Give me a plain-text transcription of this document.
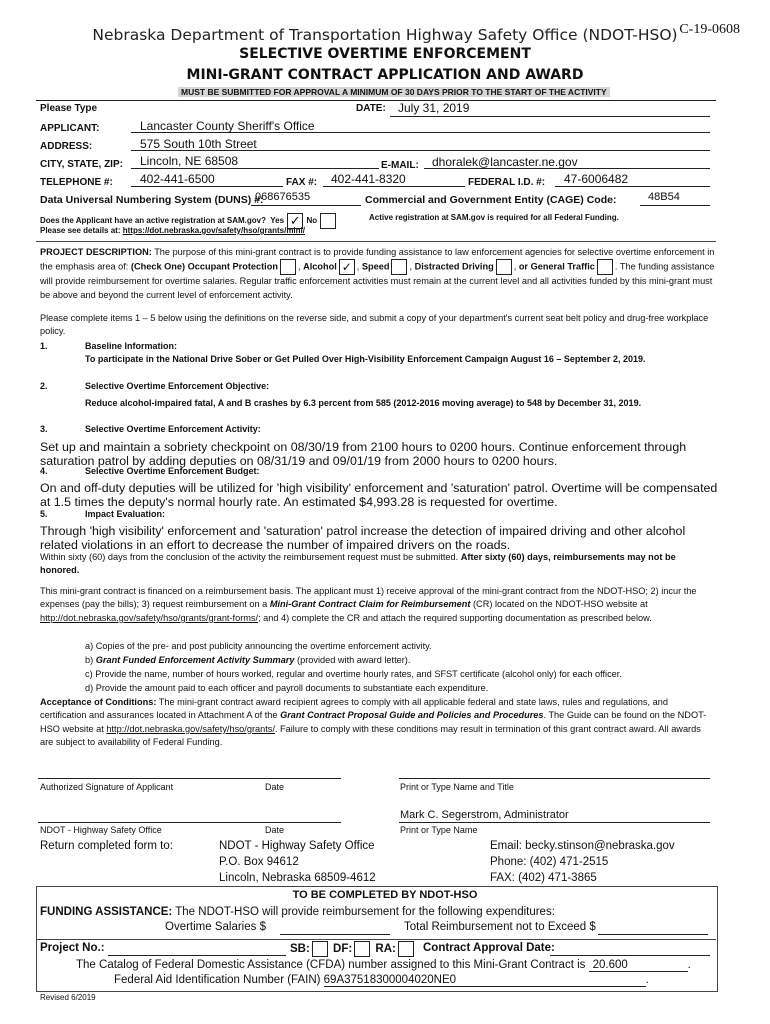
C-19-0608
Nebraska Department of Transportation Highway Safety Office (NDOT-HSO)
SELECTIVE OVERTIME ENFORCEMENT
MINI-GRANT CONTRACT APPLICATION AND AWARD
MUST BE SUBMITTED FOR APPROVAL A MINIMUM OF 30 DAYS PRIOR TO THE START OF THE ACTIVITY
Please Type	DATE: July 31, 2019
APPLICANT:	Lancaster County Sheriff's Office
ADDRESS:	575 South 10th Street
CITY, STATE, ZIP: Lincoln, NE 68508	E-MAIL: dhoralek@lancaster.ne.gov
TELEPHONE #: 402-441-6500	FAX #: 402-441-8320	FEDERAL I.D. #: 47-6006482
Data Universal Numbering System (DUNS) #:
068676535	Commercial and Government Entity (CAGE) Code:	48B54
Does the Applicant have an active registration at SAM.gov? Yes ✓ No	Active registration at SAM.gov is required for all Federal Funding.
Please see details at: https://dot.nebraska.gov/safety/hso/grants/mini/
PROJECT DESCRIPTION: The purpose of this mini-grant contract is to provide funding assistance to law enforcement agencies for selective overtime enforcement in the emphasis area of: (Check One) Occupant Protection , Alcohol ✓ , Speed , Distracted Driving , or General Traffic . The funding assistance will provide reimbursement for overtime salaries. Regular traffic enforcement activities must remain at the current level and all activities funded by this mini-grant must be above and beyond the current level of enforcement activity.
Please complete items 1 – 5 below using the definitions on the reverse side, and submit a copy of your department's current seat belt policy and drug-free workplace policy.
1.	Baseline Information:
To participate in the National Drive Sober or Get Pulled Over High-Visibility Enforcement Campaign August 16 – September 2, 2019.
2.	Selective Overtime Enforcement Objective:
Reduce alcohol-impaired fatal, A and B crashes by 6.3 percent from 585 (2012-2016 moving average) to 548 by December 31, 2019.
3.	Selective Overtime Enforcement Activity:
Set up and maintain a sobriety checkpoint on 08/30/19 from 2100 hours to 0200 hours. Continue enforcement through saturation patrol by adding deputies on 08/31/19 and 09/01/19 from 2000 hours to 0200 hours.
4.	Selective Overtime Enforcement Budget:
On and off-duty deputies will be utilized for 'high visibility' enforcement and 'saturation' patrol. Overtime will be compensated at 1.5 times the deputy's normal hourly rate. An estimated $4,993.28 is requested for overtime.
5.	Impact Evaluation:
Through 'high visibility' enforcement and 'saturation' patrol increase the detection of impaired driving and other alcohol related violations in an effort to decrease the number of impaired drivers on the roads.
Within sixty (60) days from the conclusion of the activity the reimbursement request must be submitted. After sixty (60) days, reimbursements may not be honored.
This mini-grant contract is financed on a reimbursement basis. The applicant must 1) receive approval of the mini-grant contract from the NDOT-HSO; 2) incur the expenses (pay the bills); 3) request reimbursement on a Mini-Grant Contract Claim for Reimbursement (CR) located on the NDOT-HSO website at http://dot.nebraska.gov/safety/hso/grants/grant-forms/; and 4) complete the CR and attach the required supporting documentation as prescribed below.
a) Copies of the pre- and post publicity announcing the overtime enforcement activity.
b) Grant Funded Enforcement Activity Summary (provided with award letter).
c) Provide the name, number of hours worked, regular and overtime hourly rates, and SFST certificate (alcohol only) for each officer.
d) Provide the amount paid to each officer and payroll documents to substantiate each expenditure.
Acceptance of Conditions: The mini-grant contract award recipient agrees to comply with all applicable federal and state laws, rules and regulations, and certification and assurances located in Attachment A of the Grant Contract Proposal Guide and Policies and Procedures. The Guide can be found on the NDOT-HSO website at http://dot.nebraska.gov/safety/hso/grants/. Failure to comply with these conditions may result in termination of this grant contract award. All awards are subject to availability of Federal Funding.
Authorized Signature of Applicant	Date	Print or Type Name and Title
Mark C. Segerstrom, Administrator
NDOT - Highway Safety Office	Date	Print or Type Name
Return completed form to:	NDOT - Highway Safety Office
P.O. Box 94612
Lincoln, Nebraska 68509-4612
Email: becky.stinson@nebraska.gov
Phone: (402) 471-2515
FAX: (402) 471-3865
TO BE COMPLETED BY NDOT-HSO
FUNDING ASSISTANCE: The NDOT-HSO will provide reimbursement for the following expenditures:
Overtime Salaries $	Total Reimbursement not to Exceed $
Project No.:	SB: DF: RA:	Contract Approval Date:
The Catalog of Federal Domestic Assistance (CFDA) number assigned to this Mini-Grant Contract is 20.600	.
Federal Aid Identification Number (FAIN) 69A37518300004020NE0	.
Revised 6/2019
